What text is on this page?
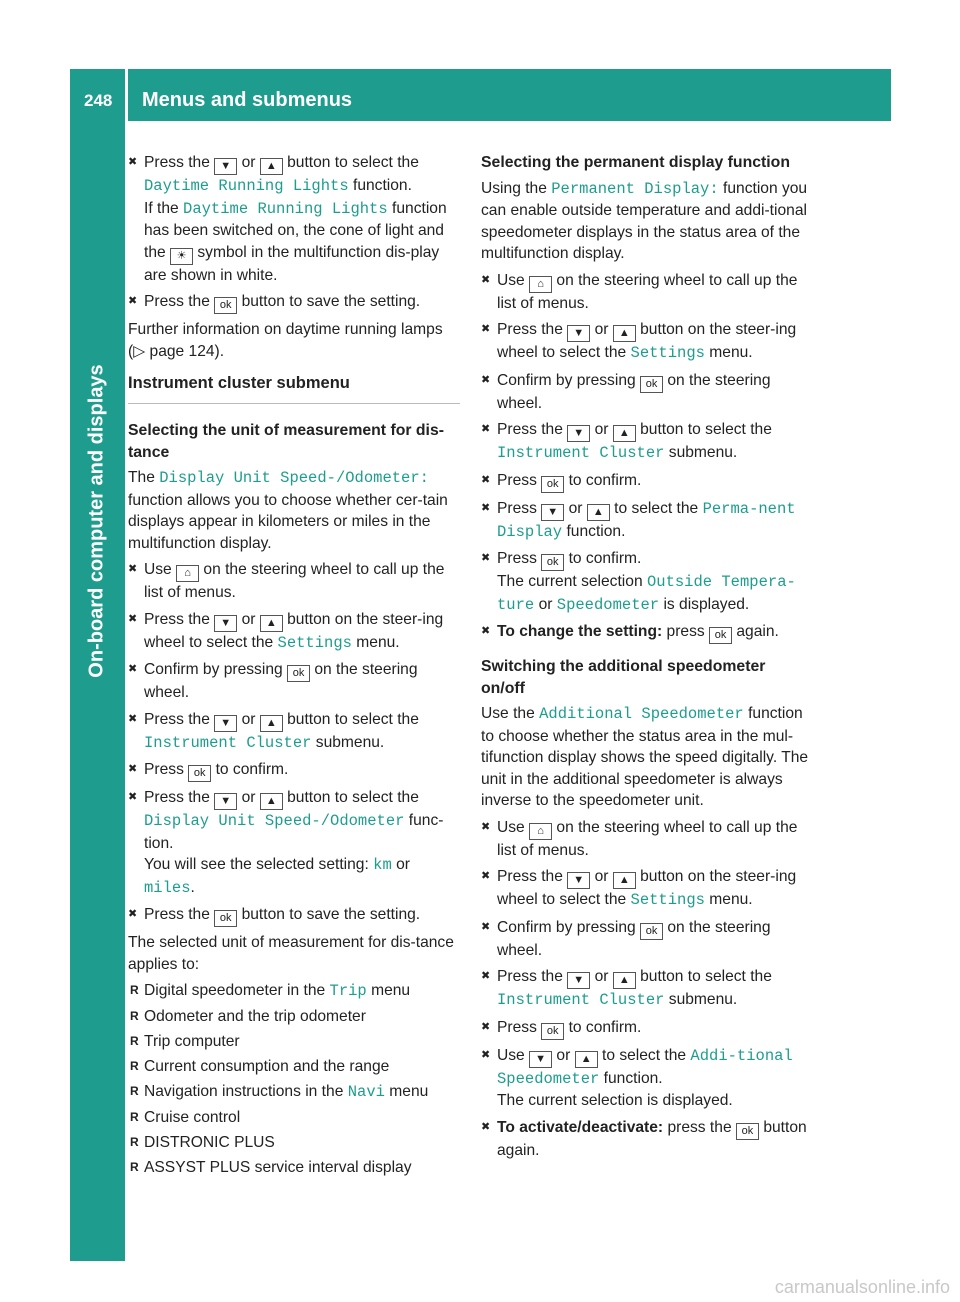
248 Menus and submenus
On-board computer and displays
✖ Press the ▼ or ▲ button to select the Daytime Running Lights function.
If the Daytime Running Lights function has been switched on, the cone of light and the ☀ symbol in the multifunction dis-play are shown in white.
✖ Press the ok button to save the setting.

Further information on daytime running lamps (▷ page 124).

Instrument cluster submenu
Selecting the unit of measurement for dis-tance

The Display Unit Speed-/Odometer: function allows you to choose whether cer-tain displays appear in kilometers or miles in the multifunction display.

✖ Use ⌂ on the steering wheel to call up the list of menus.
✖ Press the ▼ or ▲ button on the steer-ing wheel to select the Settings menu.
✖ Confirm by pressing ok on the steering wheel.
✖ Press the ▼ or ▲ button to select the Instrument Cluster submenu.
✖ Press ok to confirm.
✖ Press the ▼ or ▲ button to select the Display Unit Speed-/Odometer func-tion.
You will see the selected setting: km or miles.
✖ Press the ok button to save the setting.

The selected unit of measurement for dis-tance applies to:

R Digital speedometer in the Trip menu
R Odometer and the trip odometer
R Trip computer
R Current consumption and the range
R Navigation instructions in the Navi menu
R Cruise control
R DISTRONIC PLUS
R ASSYST PLUS service interval display
Selecting the permanent display function

Using the Permanent Display: function you can enable outside temperature and addi-tional speedometer displays in the status area of the multifunction display.

✖ Use ⌂ on the steering wheel to call up the list of menus.
✖ Press the ▼ or ▲ button on the steer-ing wheel to select the Settings menu.
✖ Confirm by pressing ok on the steering wheel.
✖ Press the ▼ or ▲ button to select the Instrument Cluster submenu.
✖ Press ok to confirm.
✖ Press ▼ or ▲ to select the Perma-nent Display function.
✖ Press ok to confirm.
The current selection Outside Tempera-ture or Speedometer is displayed.
✖ To change the setting: press ok again.
Switching the additional speedometer on/off

Use the Additional Speedometer function to choose whether the status area in the mul-tifunction display shows the speed digitally. The unit in the additional speedometer is always inverse to the speedometer unit.

✖ Use ⌂ on the steering wheel to call up the list of menus.
✖ Press the ▼ or ▲ button on the steer-ing wheel to select the Settings menu.
✖ Confirm by pressing ok on the steering wheel.
✖ Press the ▼ or ▲ button to select the Instrument Cluster submenu.
✖ Press ok to confirm.
✖ Use ▼ or ▲ to select the Addi-tional Speedometer function.
The current selection is displayed.
✖ To activate/deactivate: press the ok button again.
carmanualsonline.info
